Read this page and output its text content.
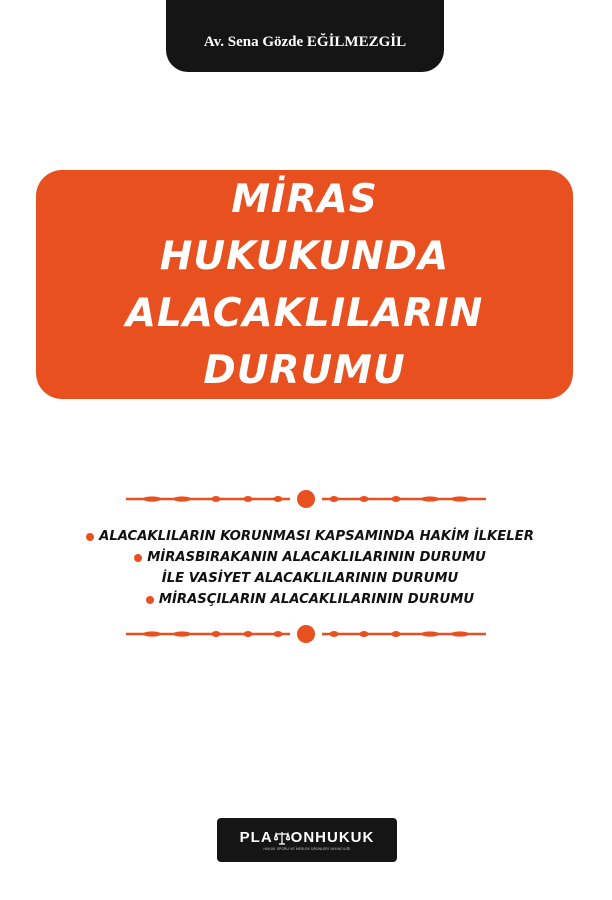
Av. Sena Gözde EĞİLMEZGİL
MİRAS
HUKUKUNDA
ALACAKLILARIN
DURUMU
ALACAKLILARIN KORUNMASI KAPSAMINDA HAKİM İLKELER
MİRASBIRAKANIN ALACAKLILARININ DURUMU
İLE VASİYET ALACAKLILARININ DURUMU
MİRASÇILARIN ALACAKLILARININ DURUMU
PLA ONHUKUK
HUKUK SPORU VE MESLEK ÜRÜNLERİ YAYINCILIĞI
